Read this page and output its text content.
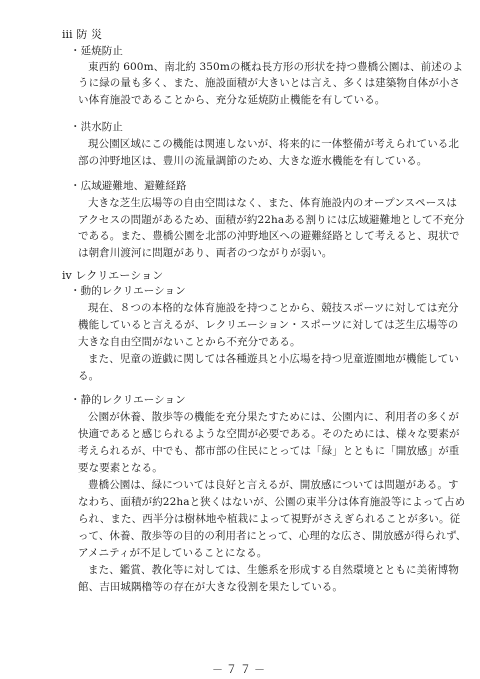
ⅲ 防 災
・延焼防止
東西約 600m、南北約 350mの概ね長方形の形状を持つ豊橋公園は、前述のよ
うに緑の量も多く、また、施設面積が大きいとは言え、多くは建築物自体が小さ
い体育施設であることから、充分な延焼防止機能を有している。
・洪水防止
現公園区域にこの機能は関連しないが、将来的に一体整備が考えられている北
部の沖野地区は、豊川の流量調節のため、大きな遊水機能を有している。
・広域避難地、避難経路
大きな芝生広場等の自由空間はなく、また、体育施設内のオープンスペースは
アクセスの問題があるため、面積が約22haある割りには広域避難地として不充分
である。また、豊橋公園を北部の沖野地区への避難経路として考えると、現状で
は朝倉川渡河に問題があり、両者のつながりが弱い。
ⅳ レクリエーション
・動的レクリエーション
現在、８つの本格的な体育施設を持つことから、競技スポーツに対しては充分
機能していると言えるが、レクリエーション・スポーツに対しては芝生広場等の
大きな自由空間がないことから不充分である。
また、児童の遊戯に関しては各種遊具と小広場を持つ児童遊園地が機能してい
る。
・静的レクリエーション
公園が休養、散歩等の機能を充分果たすためには、公園内に、利用者の多くが
快適であると感じられるような空間が必要である。そのためには、様々な要素が
考えられるが、中でも、都市部の住民にとっては「緑」とともに「開放感」が重
要な要素となる。
豊橋公園は、緑については良好と言えるが、開放感については問題がある。す
なわち、面積が約22haと狭くはないが、公園の東半分は体育施設等によって占め
られ、また、西半分は樹林地や植栽によって視野がさえぎられることが多い。従
って、休養、散歩等の目的の利用者にとって、心理的な広さ、開放感が得られず、
アメニティが不足していることになる。
また、鑑賞、教化等に対しては、生態系を形成する自然環境とともに美術博物
館、吉田城隅櫓等の存在が大きな役割を果たしている。
－７７－
